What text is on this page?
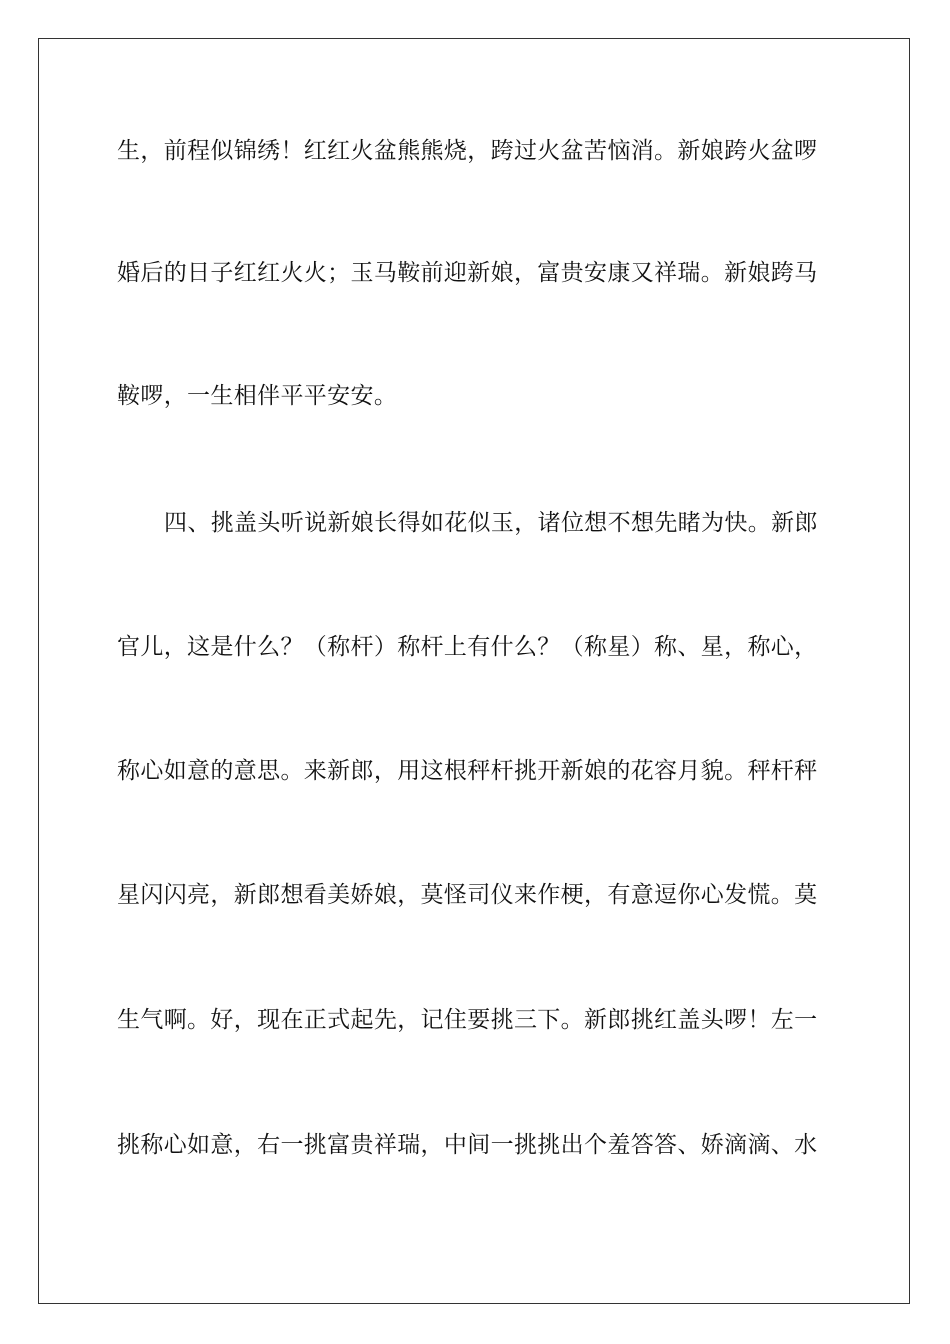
生，前程似锦绣！红红火盆熊熊烧，跨过火盆苦恼消。新娘跨火盆啰
婚后的日子红红火火；玉马鞍前迎新娘，富贵安康又祥瑞。新娘跨马
鞍啰，一生相伴平平安安。
四、挑盖头听说新娘长得如花似玉，诸位想不想先睹为快。新郎
官儿，这是什么？（称杆）称杆上有什么？（称星）称、星，称心，
称心如意的意思。来新郎，用这根秤杆挑开新娘的花容月貌。秤杆秤
星闪闪亮，新郎想看美娇娘，莫怪司仪来作梗，有意逗你心发慌。莫
生气啊。好，现在正式起先，记住要挑三下。新郎挑红盖头啰！左一
挑称心如意，右一挑富贵祥瑞，中间一挑挑出个羞答答、娇滴滴、水
